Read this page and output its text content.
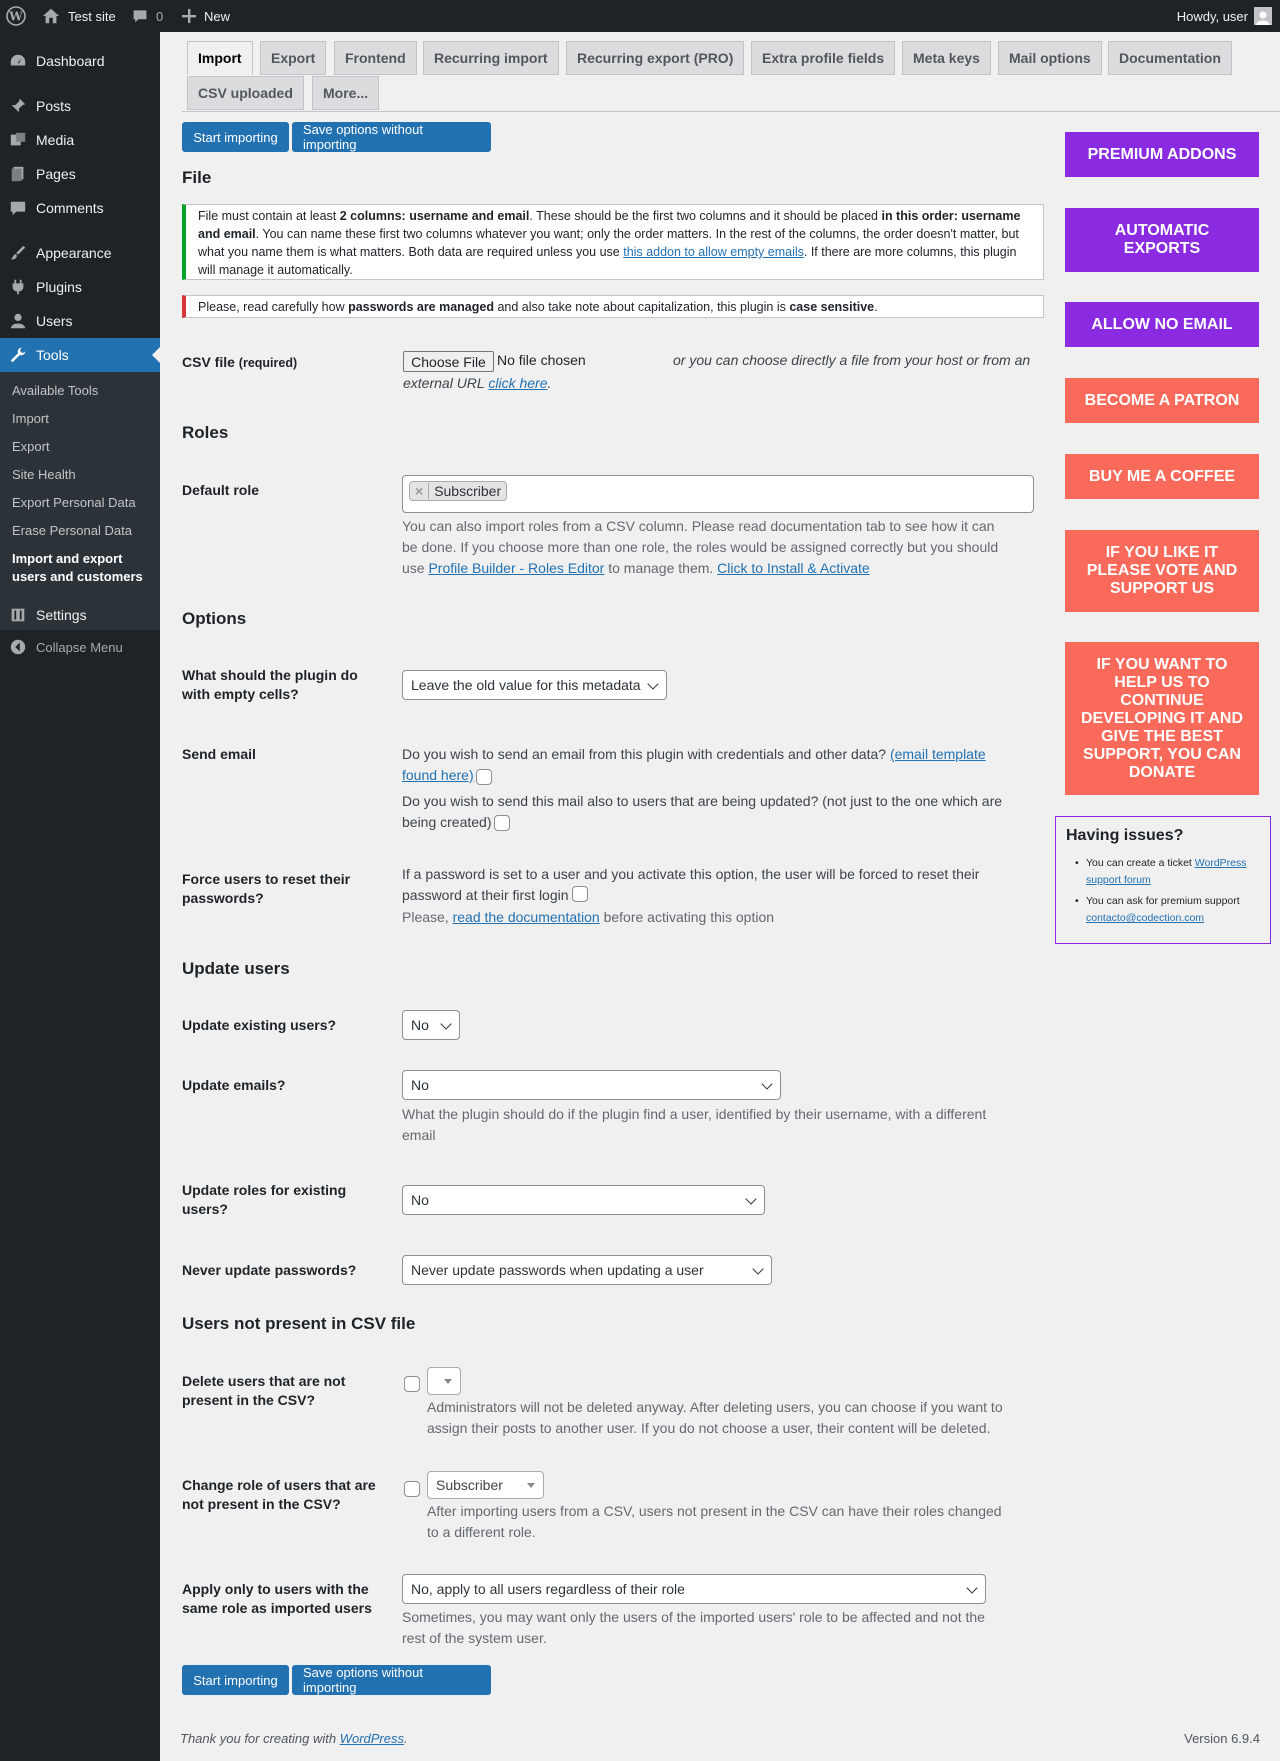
W	Test site	0	New	Howdy, user
Dashboard
Posts
Media
Pages
Comments
Appearance
Plugins
Users
Tools
Available Tools
Import
Export
Site Health
Export Personal Data
Erase Personal Data
Import and export users and customers
Settings
Collapse Menu
Import	Export	Frontend	Recurring import	Recurring export (PRO)	Extra profile fields	Meta keys	Mail options	Documentation
CSV uploaded	More...
Start importing	Save options without importing
File
File must contain at least 2 columns: username and email. These should be the first two columns and it should be placed in this order: username and email. You can name these first two columns whatever you want; only the order matters. In the rest of the columns, the order doesn't matter, but what you name them is what matters. Both data are required unless you use this addon to allow empty emails. If there are more columns, this plugin will manage it automatically.
Please, read carefully how passwords are managed and also take note about capitalization, this plugin is case sensitive.
CSV file (required)	Choose File No file chosen	or you can choose directly a file from your host or from an
external URL click here.
Roles
Default role	× Subscriber
You can also import roles from a CSV column. Please read documentation tab to see how it can be done. If you choose more than one role, the roles would be assigned correctly but you should use Profile Builder - Roles Editor to manage them. Click to Install & Activate
Options
What should the plugin do with empty cells?
Leave the old value for this metadata
Send email	Do you wish to send an email from this plugin with credentials and other data? (email template found here)
Do you wish to send this mail also to users that are being updated? (not just to the one which are being created)
Force users to reset their passwords?
If a password is set to a user and you activate this option, the user will be forced to reset their password at their first login
Please, read the documentation before activating this option
Update users
Update existing users?	No
Update emails?	No
What the plugin should do if the plugin find a user, identified by their username, with a different email
Update roles for existing users?
No
Never update passwords?	Never update passwords when updating a user
Users not present in CSV file
Delete users that are not present in the CSV?	Administrators will not be deleted anyway. After deleting users, you can choose if you want to assign their posts to another user. If you do not choose a user, their content will be deleted.
Change role of users that are not present in the CSV?
Subscriber
After importing users from a CSV, users not present in the CSV can have their roles changed to a different role.
Apply only to users with the same role as imported users
No, apply to all users regardless of their role
Sometimes, you may want only the users of the imported users' role to be affected and not the rest of the system user.
Start importing	Save options without importing
Thank you for creating with WordPress.	Version 6.9.4
PREMIUM ADDONS
AUTOMATIC EXPORTS
ALLOW NO EMAIL
BECOME A PATRON
BUY ME A COFFEE
IF YOU LIKE IT PLEASE VOTE AND SUPPORT US
IF YOU WANT TO HELP US TO CONTINUE DEVELOPING IT AND GIVE THE BEST SUPPORT, YOU CAN DONATE
Having issues?
• You can create a ticket WordPress support forum
• You can ask for premium support contacto@codection.com
